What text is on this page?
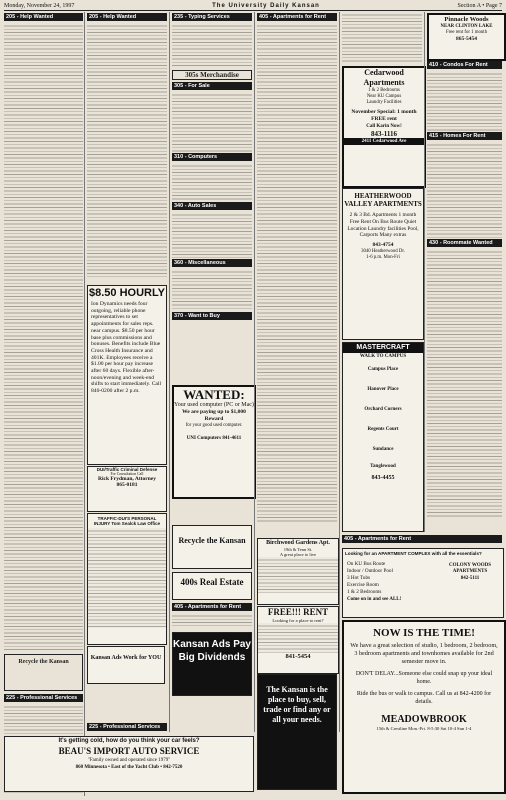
Monday, November 24, 1997	The University Daily Kansan	Section A • Page 7
205 - Help Wanted
Recycle the Kansan
225 - Professional Services
205 - Help Wanted
$8.50 HOURLY
Ion Dynamics needs four outgoing, reliable phone representatives to set appointments for sales reps. near campus. $8.50 per hour base plus commissions and bonuses. Benefits include Blue Cross Health Insurance and 401K. Employees receive a $1.00 per hour pay increase after 60 days. Flexible after-noon/evening and week-end shifts to start immediately. Call 840-0200 after 2 p.m.
DUI/Traffic Criminal Defense
For Consultation Call
Rick Frydman, Attorney
865-0181
TRAFFIC-DUI'S PERSONAL INJURY Tom Sealck Law Office
Kansan Ads Work for YOU
235 - Typing Services
305s Merchandise
305 - For Sale
310 - Computers
340 - Auto Sales
360 - Miscellaneous
370 - Want to Buy
WANTED:
Your used computer (PC or Mac)
We are paying up to $1,000 Reward
for your good used computer.
UNI Computers 841-4611
Recycle the Kansan
400s Real Estate
405 - Apartments for Rent
Kansan Ads Pay Big Dividends
405 - Apartments for Rent
Birchwood Gardens Apt.
19th & Tenn St.
A great place to live
FREE!!! RENT
Looking for a place to rent?
841-5454
The Kansan is the place to buy, sell, trade or find any or all your needs.
Cedarwood Apartments
1 & 2 Bedrooms
Near KU Campus
Laundry Facilities
November Special: 1 month FREE rent
Call Karin Now!
843-1116
2411 Cedarwood Ave
HEATHERWOOD VALLEY APARTMENTS
2 & 3 Bd. Apartments 1 month Free Rent On Bus Route Quiet Location Laundry facilities Pool, Carports Many extras
843-4754
3040 Heatherwood Dr.
1-6 p.m. Mon-Fri
MASTERCRAFT
WALK TO CAMPUS
Campus Place
Hanover Place
Orchard Corners
Regents Court
Sundance
Tanglewood
843-4455
Pinnacle Woods
NEAR CLINTON LAKE
Free rent for 1 month
865-5454
410 - Condos For Rent
415 - Homes For Rent
430 - Roommate Wanted
405 - Apartments for Rent
Looking for an APARTMENT COMPLEX with all the essentials?
On KU Bus Route
Indoor / Outdoor Pool
3 Hot Tubs
Exercise Room
1 & 2 Bedrooms
Come on in and see ALL!
COLONY WOODS APARTMENTS
842-5111
NOW IS THE TIME!
We have a great selection of studio, 1 bedroom, 2 bedroom, 3 bedroom apartments and townhomes available for 2nd semester move in.
DON'T DELAY...Someone else could snap up your ideal home.
Ride the bus or walk to campus. Call us at 842-4200 for details.
MEADOWBROOK
15th & Crestline Mon.-Fri. 8-5:30 Sat 10-4 Sun 1-4
It's getting cold, how do you think your car feels?
BEAU'S IMPORT AUTO SERVICE
"Family owned and operated since 1979"
860 Minnesota • East of the Yacht Club • 842-7520
225 - Professional Services
